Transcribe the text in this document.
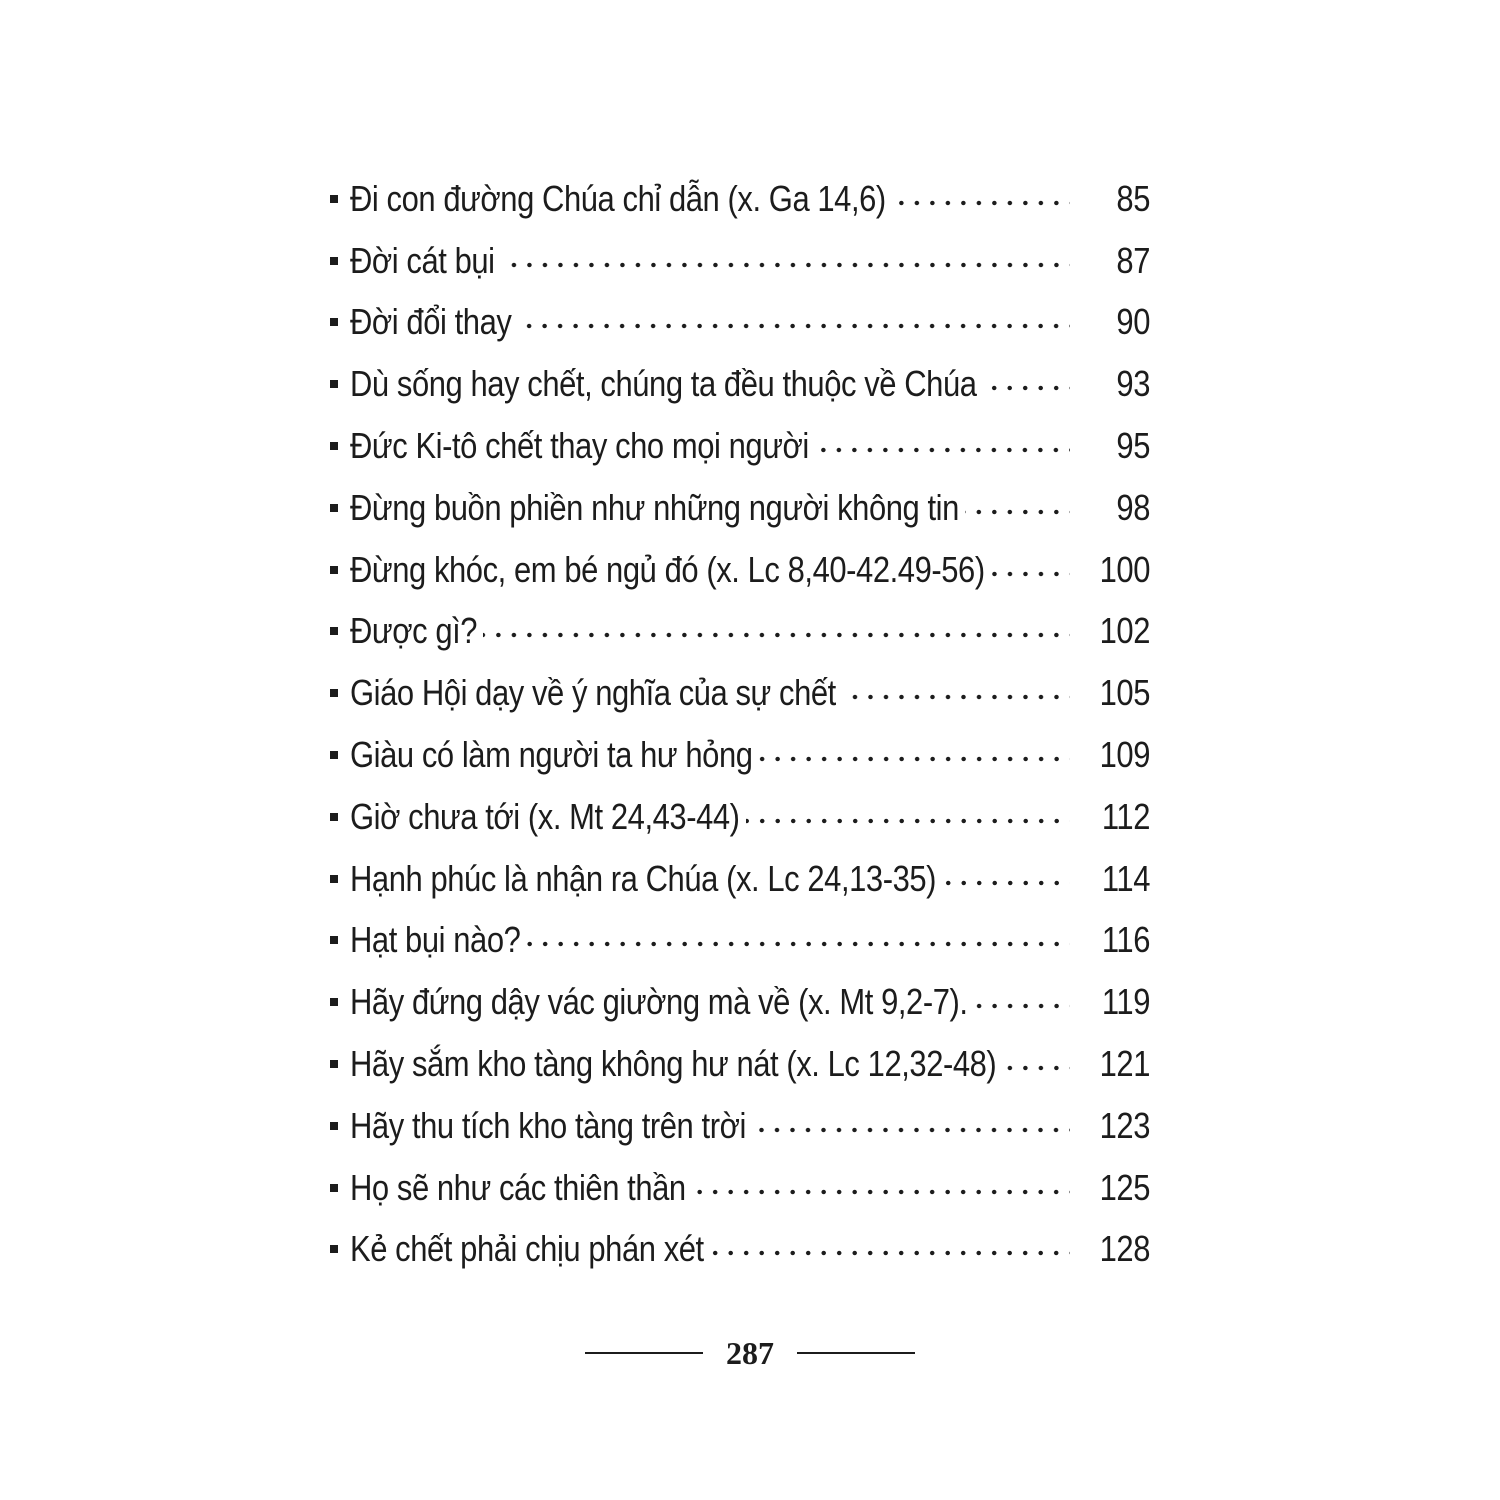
Đi con đường Chúa chỉ dẫn (x. Ga 14,6)	85
Đời cát bụi	87
Đời đổi thay	90
Dù sống hay chết, chúng ta đều thuộc về Chúa	93
Đức Ki-tô chết thay cho mọi người	95
Đừng buồn phiền như những người không tin	98
Đừng khóc, em bé ngủ đó (x. Lc 8,40-42.49-56)	100
Được gì?	102
Giáo Hội dạy về ý nghĩa của sự chết	105
Giàu có làm người ta hư hỏng	109
Giờ chưa tới (x. Mt 24,43-44)	112
Hạnh phúc là nhận ra Chúa (x. Lc 24,13-35)	114
Hạt bụi nào?	116
Hãy đứng dậy vác giường mà về (x. Mt 9,2-7).	119
Hãy sắm kho tàng không hư nát (x. Lc 12,32-48)	121
Hãy thu tích kho tàng trên trời	123
Họ sẽ như các thiên thần	125
Kẻ chết phải chịu phán xét	128
287
